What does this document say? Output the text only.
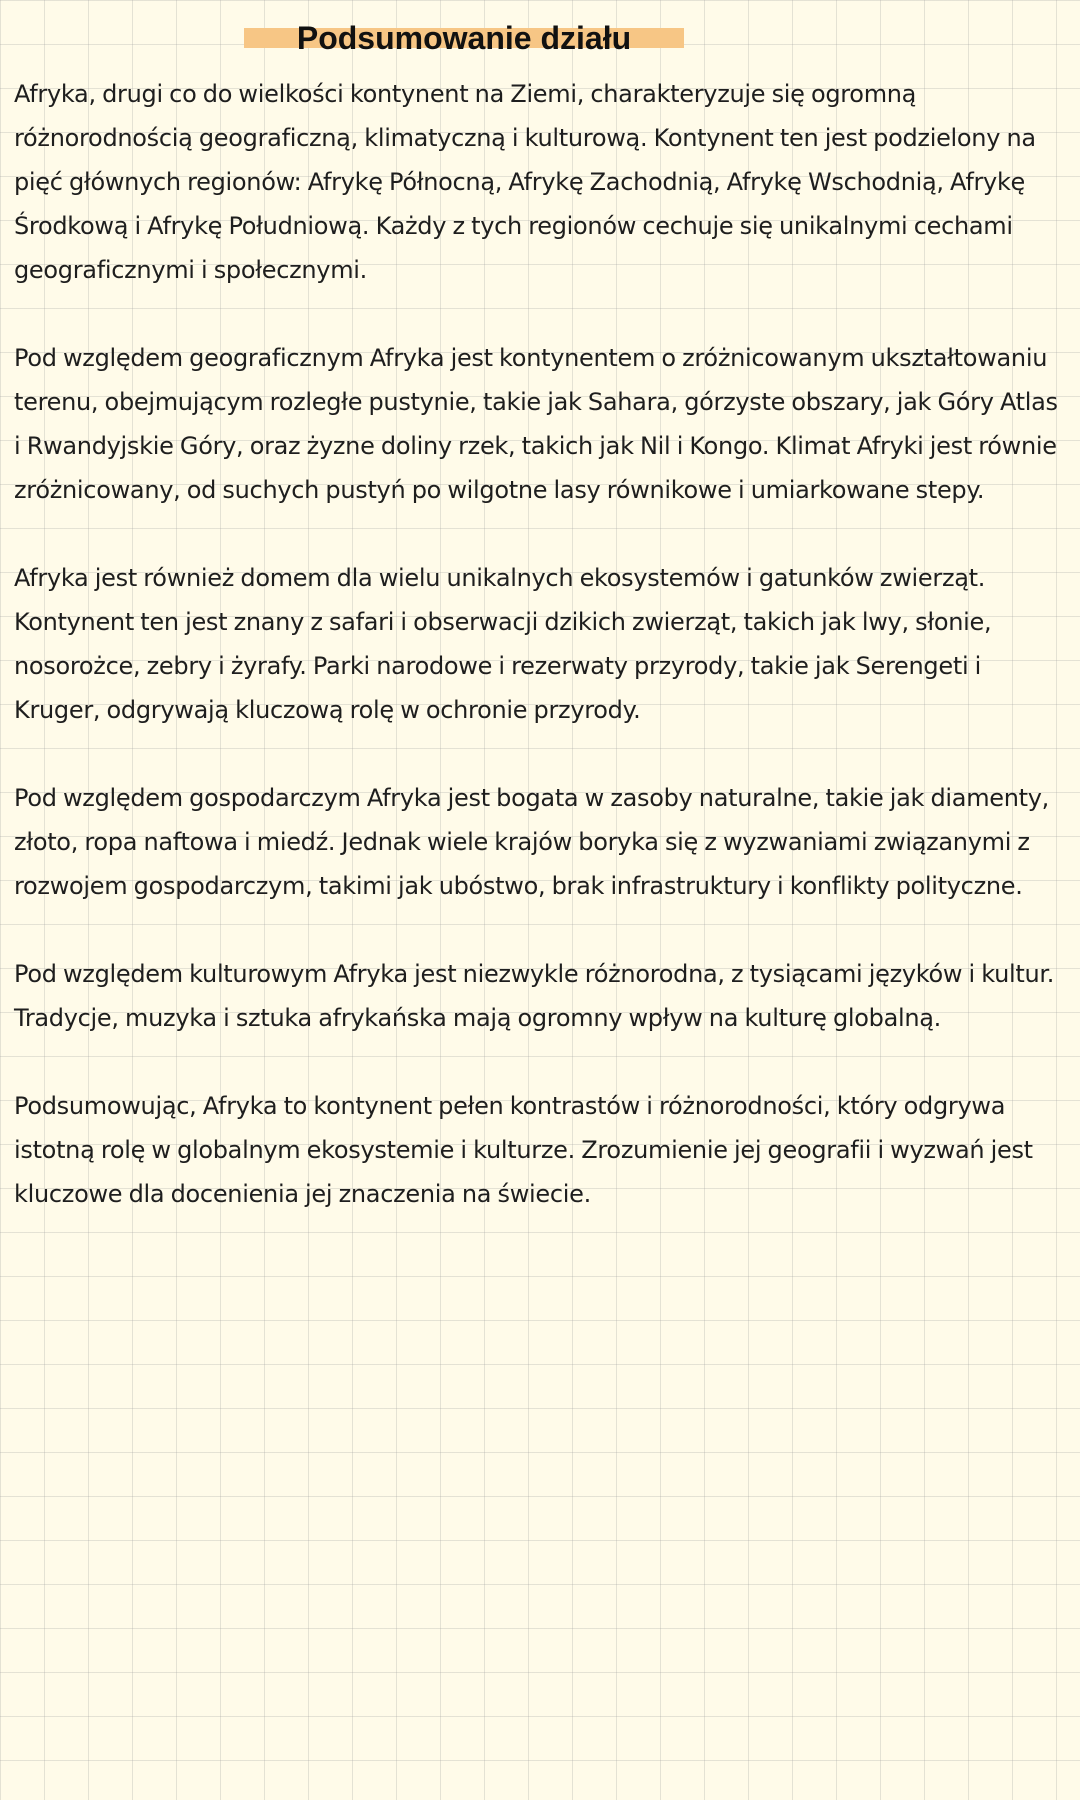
Podsumowanie działu

Afryka, drugi co do wielkości kontynent na Ziemi, charakteryzuje się ogromną różnorodnością geograficzną, klimatyczną i kulturową. Kontynent ten jest podzielony na pięć głównych regionów: Afrykę Północną, Afrykę Zachodnią, Afrykę Wschodnią, Afrykę Środkową i Afrykę Południową. Każdy z tych regionów cechuje się unikalnymi cechami geograficznymi i społecznymi.

Pod względem geograficznym Afryka jest kontynentem o zróżnicowanym ukształtowaniu terenu, obejmującym rozległe pustynie, takie jak Sahara, górzyste obszary, jak Góry Atlas i Rwandyjskie Góry, oraz żyzne doliny rzek, takich jak Nil i Kongo. Klimat Afryki jest równie zróżnicowany, od suchych pustyń po wilgotne lasy równikowe i umiarkowane stepy.

Afryka jest również domem dla wielu unikalnych ekosystemów i gatunków zwierząt. Kontynent ten jest znany z safari i obserwacji dzikich zwierząt, takich jak lwy, słonie, nosorożce, zebry i żyrafy. Parki narodowe i rezerwaty przyrody, takie jak Serengeti i Kruger, odgrywają kluczową rolę w ochronie przyrody.

Pod względem gospodarczym Afryka jest bogata w zasoby naturalne, takie jak diamenty, złoto, ropa naftowa i miedź. Jednak wiele krajów boryka się z wyzwaniami związanymi z rozwojem gospodarczym, takimi jak ubóstwo, brak infrastruktury i konflikty polityczne.

Pod względem kulturowym Afryka jest niezwykle różnorodna, z tysiącami języków i kultur. Tradycje, muzyka i sztuka afrykańska mają ogromny wpływ na kulturę globalną.

Podsumowując, Afryka to kontynent pełen kontrastów i różnorodności, który odgrywa istotną rolę w globalnym ekosystemie i kulturze. Zrozumienie jej geografii i wyzwań jest kluczowe dla docenienia jej znaczenia na świecie.
